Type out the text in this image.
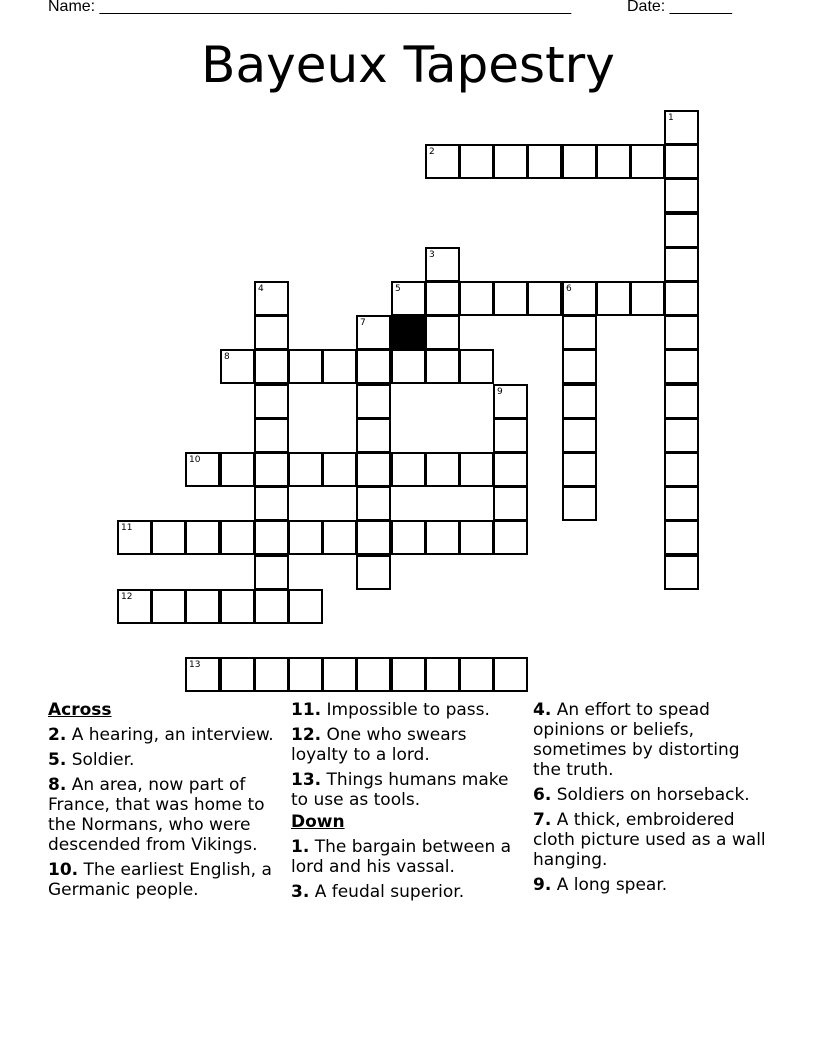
Name: _____________________________________________________	Date: _______
Bayeux Tapestry
2
5	6
8
10
11
12
13
1
3
4
7
9
Across
2. A hearing, an interview.
5. Soldier.
8. An area, now part of France, that was home to the Normans, who were descended from Vikings.
10. The earliest English, a Germanic people.
11. Impossible to pass.
12. One who swears loyalty to a lord.
13. Things humans make to use as tools.
Down
1. The bargain between a lord and his vassal.
3. A feudal superior.
4. An effort to spead opinions or beliefs, sometimes by distorting the truth.
6. Soldiers on horseback.
7. A thick, embroidered cloth picture used as a wall hanging.
9. A long spear.
